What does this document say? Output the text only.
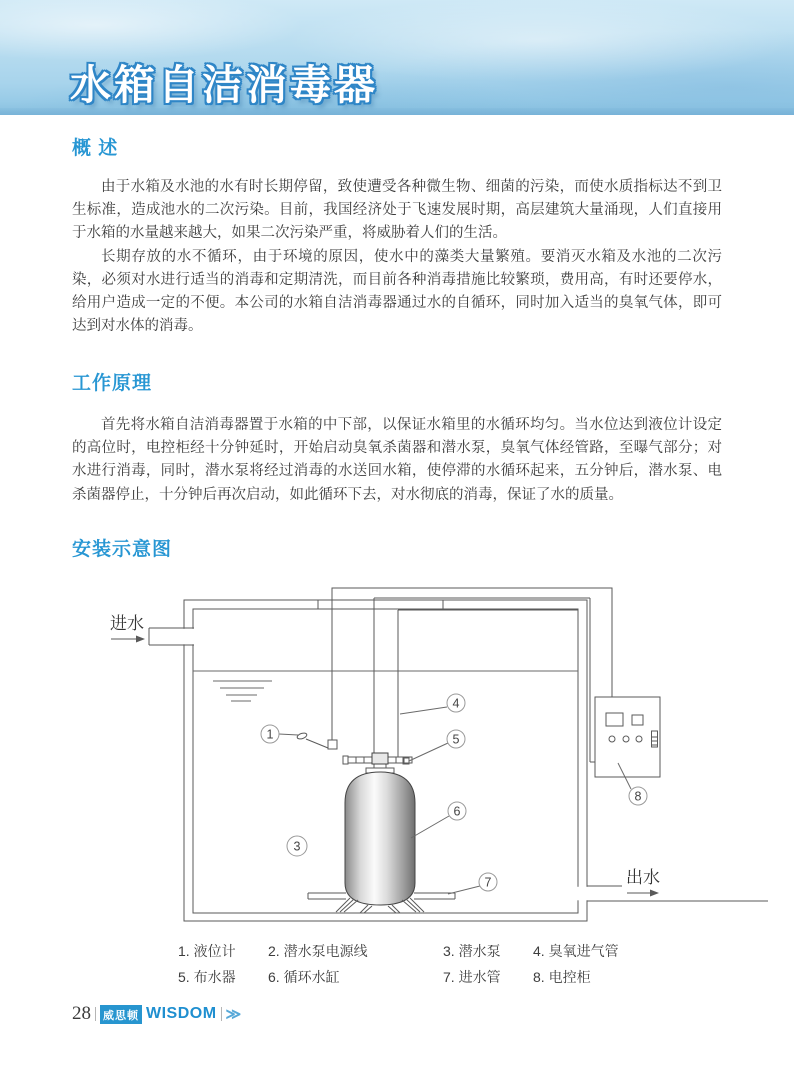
水箱自洁消毒器
概 述

由于水箱及水池的水有时长期停留，致使遭受各种微生物、细菌的污染，而使水质指标达不到卫生标准，造成池水的二次污染。目前，我国经济处于飞速发展时期，高层建筑大量涌现，人们直接用于水箱的水量越来越大，如果二次污染严重，将威胁着人们的生活。

长期存放的水不循环，由于环境的原因，使水中的藻类大量繁殖。要消灭水箱及水池的二次污染，必须对水进行适当的消毒和定期清洗，而目前各种消毒措施比较繁琐，费用高，有时还要停水，给用户造成一定的不便。本公司的水箱自洁消毒器通过水的自循环，同时加入适当的臭氧气体，即可达到对水体的消毒。

工作原理

首先将水箱自洁消毒器置于水箱的中下部，以保证水箱里的水循环均匀。当水位达到液位计设定的高位时，电控柜经十分钟延时，开始启动臭氧杀菌器和潜水泵，臭氧气体经管路，至曝气部分；对水进行消毒，同时，潜水泵将经过消毒的水送回水箱，使停滞的水循环起来，五分钟后，潜水泵、电杀菌器停止，十分钟后再次启动，如此循环下去，对水彻底的消毒，保证了水的质量。

安装示意图
进水
出水
1
3
4
5
6
7
8
1. 液位计 2. 潜水泵电源线	3. 潜水泵 4. 臭氧进气管
5. 布水器 6. 循环水缸	7. 进水管 8. 电控柜
28 威思顿 WISDOM ≫
